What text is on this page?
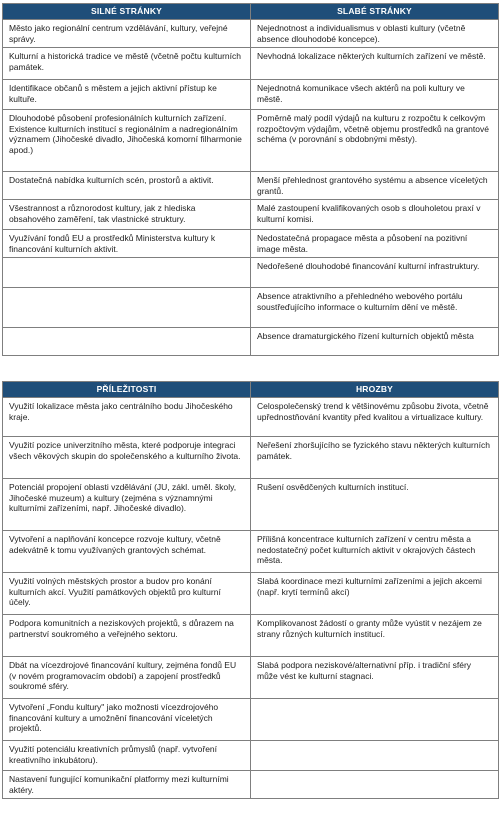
SILNÉ STRÁNKY	SLABÉ STRÁNKY
Město jako regionální centrum vzdělávání, kultury, veřejné správy.	Nejednotnost a individualismus v oblasti kultury (včetně absence dlouhodobé koncepce).
Kulturní a historická tradice ve městě (včetně počtu kulturních památek.	Nevhodná lokalizace některých kulturních zařízení ve městě.
Identifikace občanů s městem a jejich aktivní přístup ke kultuře.	Nejednotná komunikace všech aktérů na poli kultury ve městě.
Dlouhodobé působení profesionálních kulturních zařízení. Existence kulturních institucí s regionálním a nadregionálním významem (Jihočeské divadlo, Jihočeská komorní filharmonie apod.)	Poměrně malý podíl výdajů na kulturu z rozpočtu k celkovým rozpočtovým výdajům, včetně objemu prostředků na grantové schéma (v porovnání s obdobnými městy).
Dostatečná nabídka kulturních scén, prostorů a aktivit.	Menší přehlednost grantového systému a absence víceletých grantů.
Všestrannost a různorodost kultury, jak z hlediska obsahového zaměření, tak vlastnické struktury.	Malé zastoupení kvalifikovaných osob s dlouholetou praxí v kulturní komisi.
Využívání fondů EU a prostředků Ministerstva kultury k financování kulturních aktivit.	Nedostatečná propagace města a působení na pozitivní image města.
	Nedořešené dlouhodobé financování kulturní infrastruktury.
	Absence atraktivního a přehledného webového portálu soustřeďujícího informace o kulturním dění ve městě.
	Absence dramaturgického řízení kulturních objektů města
PŘÍLEŽITOSTI	HROZBY
Využití lokalizace města jako centrálního bodu Jihočeského kraje.	Celospolečenský trend k většinovému způsobu života, včetně upřednostňování kvantity před kvalitou a virtualizace kultury.
Využití pozice univerzitního města, které podporuje integraci všech věkových skupin do společenského a kulturního života.	Neřešení zhoršujícího se fyzického stavu některých kulturních památek.
Potenciál propojení oblasti vzdělávání (JU, zákl. uměl. školy, Jihočeské muzeum) a kultury (zejména s významnými kulturními zařízeními, např. Jihočeské divadlo).	Rušení osvědčených kulturních institucí.
Vytvoření a naplňování koncepce rozvoje kultury, včetně adekvátně k tomu využívaných grantových schémat.	Přílišná koncentrace kulturních zařízení v centru města a nedostatečný počet kulturních aktivit v okrajových částech města.
Využití volných městských prostor a budov pro konání kulturních akcí. Využití památkových objektů pro kulturní účely.	Slabá koordinace mezi kulturními zařízeními a jejich akcemi (např. krytí termínů akcí)
Podpora komunitních a neziskových projektů, s důrazem na partnerství soukromého a veřejného sektoru.	Komplikovanost žádostí o granty může vyústit v nezájem ze strany různých kulturních institucí.
Dbát na vícezdrojové financování kultury, zejména fondů EU (v novém programovacím období) a zapojení prostředků soukromé sféry.	Slabá podpora neziskové/alternativní příp. i tradiční sféry může vést ke kulturní stagnaci.
Vytvoření „Fondu kultury" jako možnosti vícezdrojového financování kultury a umožnění financování víceletých projektů.	
Využití potenciálu kreativních průmyslů (např. vytvoření kreativního inkubátoru).	
Nastavení fungující komunikační platformy mezi kulturními aktéry.	
